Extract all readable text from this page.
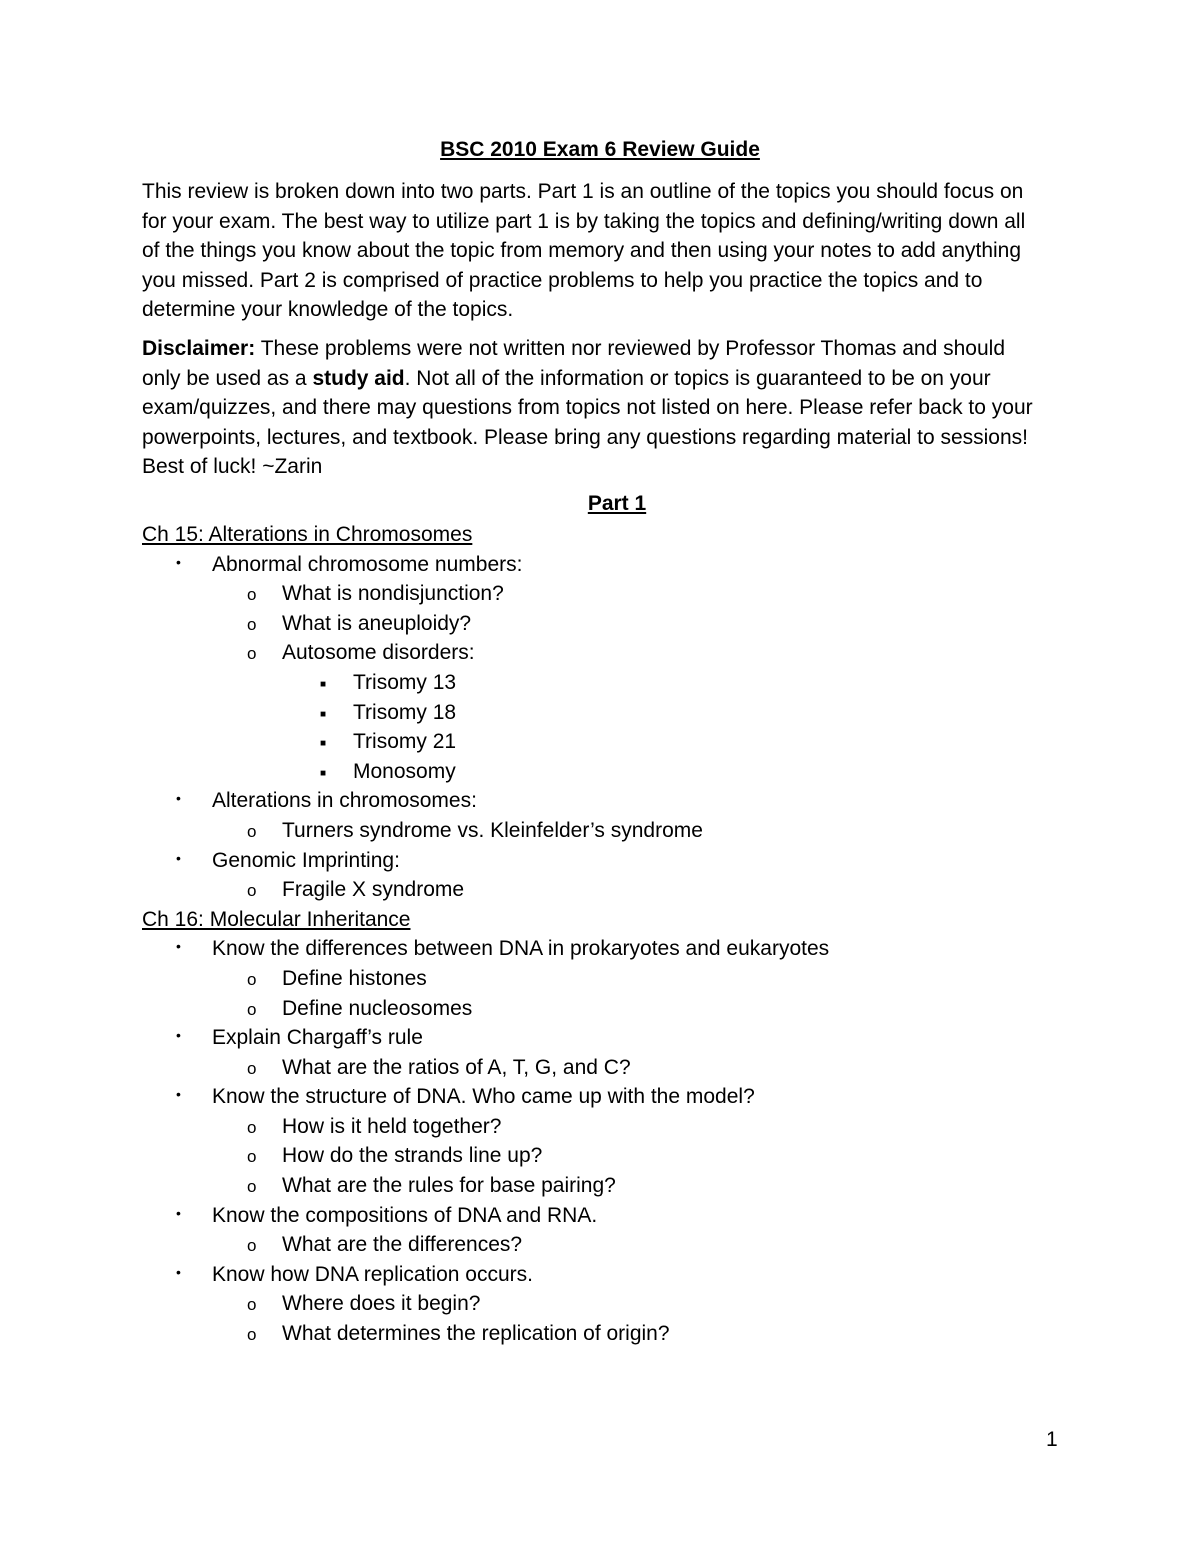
BSC 2010 Exam 6 Review Guide
This review is broken down into two parts. Part 1 is an outline of the topics you should focus on
for your exam. The best way to utilize part 1 is by taking the topics and defining/writing down all
of the things you know about the topic from memory and then using your notes to add anything
you missed. Part 2 is comprised of practice problems to help you practice the topics and to
determine your knowledge of the topics.
Disclaimer: These problems were not written nor reviewed by Professor Thomas and should
only be used as a study aid. Not all of the information or topics is guaranteed to be on your
exam/quizzes, and there may questions from topics not listed on here. Please refer back to your
powerpoints, lectures, and textbook. Please bring any questions regarding material to sessions!
Best of luck! ~Zarin
Part 1
Ch 15: Alterations in Chromosomes
• Abnormal chromosome numbers:
o What is nondisjunction?
o What is aneuploidy?
o Autosome disorders:
■ Trisomy 13
■ Trisomy 18
■ Trisomy 21
■ Monosomy
• Alterations in chromosomes:
o Turners syndrome vs. Kleinfelder’s syndrome
• Genomic Imprinting:
o Fragile X syndrome
Ch 16: Molecular Inheritance
• Know the differences between DNA in prokaryotes and eukaryotes
o Define histones
o Define nucleosomes
• Explain Chargaff’s rule
o What are the ratios of A, T, G, and C?
• Know the structure of DNA. Who came up with the model?
o How is it held together?
o How do the strands line up?
o What are the rules for base pairing?
• Know the compositions of DNA and RNA.
o What are the differences?
• Know how DNA replication occurs.
o Where does it begin?
o What determines the replication of origin?
1
